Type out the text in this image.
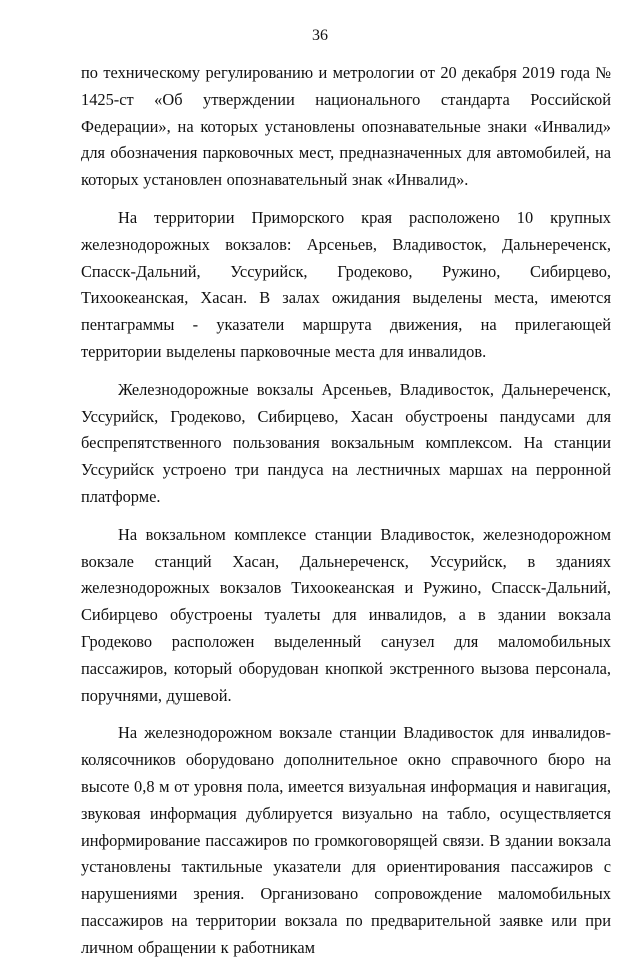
36

по техническому регулированию и метрологии от 20 декабря 2019 года № 1425-ст «Об утверждении национального стандарта Российской Федерации», на которых установлены опознавательные знаки «Инвалид» для обозначения парковочных мест, предназначенных для автомобилей, на которых установлен опознавательный знак «Инвалид».

На территории Приморского края расположено 10 крупных железнодорожных вокзалов: Арсеньев, Владивосток, Дальнереченск, Спасск-Дальний, Уссурийск, Гродеково, Ружино, Сибирцево, Тихоокеанская, Хасан. В залах ожидания выделены места, имеются пентаграммы - указатели маршрута движения, на прилегающей территории выделены парковочные места для инвалидов.

Железнодорожные вокзалы Арсеньев, Владивосток, Дальнереченск, Уссурийск, Гродеково, Сибирцево, Хасан обустроены пандусами для беспрепятственного пользования вокзальным комплексом. На станции Уссурийск устроено три пандуса на лестничных маршах на перронной платформе.

На вокзальном комплексе станции Владивосток, железнодорожном вокзале станций Хасан, Дальнереченск, Уссурийск, в зданиях железнодорожных вокзалов Тихоокеанская и Ружино, Спасск-Дальний, Сибирцево обустроены туалеты для инвалидов, а в здании вокзала Гродеково расположен выделенный санузел для маломобильных пассажиров, который оборудован кнопкой экстренного вызова персонала, поручнями, душевой.

На железнодорожном вокзале станции Владивосток для инвалидов-колясочников оборудовано дополнительное окно справочного бюро на высоте 0,8 м от уровня пола, имеется визуальная информация и навигация, звуковая информация дублируется визуально на табло, осуществляется информирование пассажиров по громкоговорящей связи. В здании вокзала установлены тактильные указатели для ориентирования пассажиров с нарушениями зрения. Организовано сопровождение маломобильных пассажиров на территории вокзала по предварительной заявке или при личном обращении к работникам
